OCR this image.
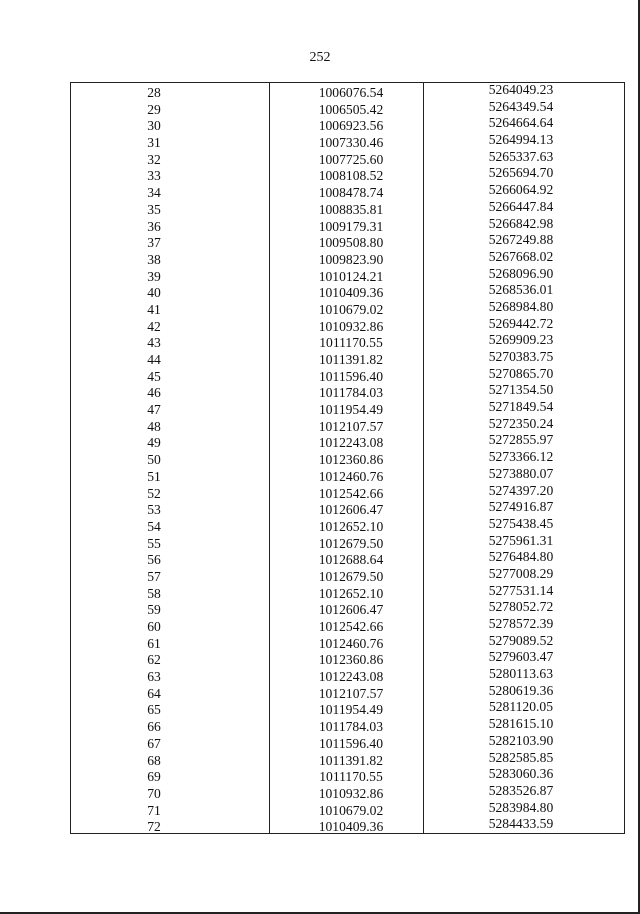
252
28	1006076.54	5264049.23
29	1006505.42	5264349.54
30	1006923.56	5264664.64
31	1007330.46	5264994.13
32	1007725.60	5265337.63
33	1008108.52	5265694.70
34	1008478.74	5266064.92
35	1008835.81	5266447.84
36	1009179.31	5266842.98
37	1009508.80	5267249.88
38	1009823.90	5267668.02
39	1010124.21	5268096.90
40	1010409.36	5268536.01
41	1010679.02	5268984.80
42	1010932.86	5269442.72
43	1011170.55	5269909.23
44	1011391.82	5270383.75
45	1011596.40	5270865.70
46	1011784.03	5271354.50
47	1011954.49	5271849.54
48	1012107.57	5272350.24
49	1012243.08	5272855.97
50	1012360.86	5273366.12
51	1012460.76	5273880.07
52	1012542.66	5274397.20
53	1012606.47	5274916.87
54	1012652.10	5275438.45
55	1012679.50	5275961.31
56	1012688.64	5276484.80
57	1012679.50	5277008.29
58	1012652.10	5277531.14
59	1012606.47	5278052.72
60	1012542.66	5278572.39
61	1012460.76	5279089.52
62	1012360.86	5279603.47
63	1012243.08	5280113.63
64	1012107.57	5280619.36
65	1011954.49	5281120.05
66	1011784.03	5281615.10
67	1011596.40	5282103.90
68	1011391.82	5282585.85
69	1011170.55	5283060.36
70	1010932.86	5283526.87
71	1010679.02	5283984.80
72	1010409.36	5284433.59
